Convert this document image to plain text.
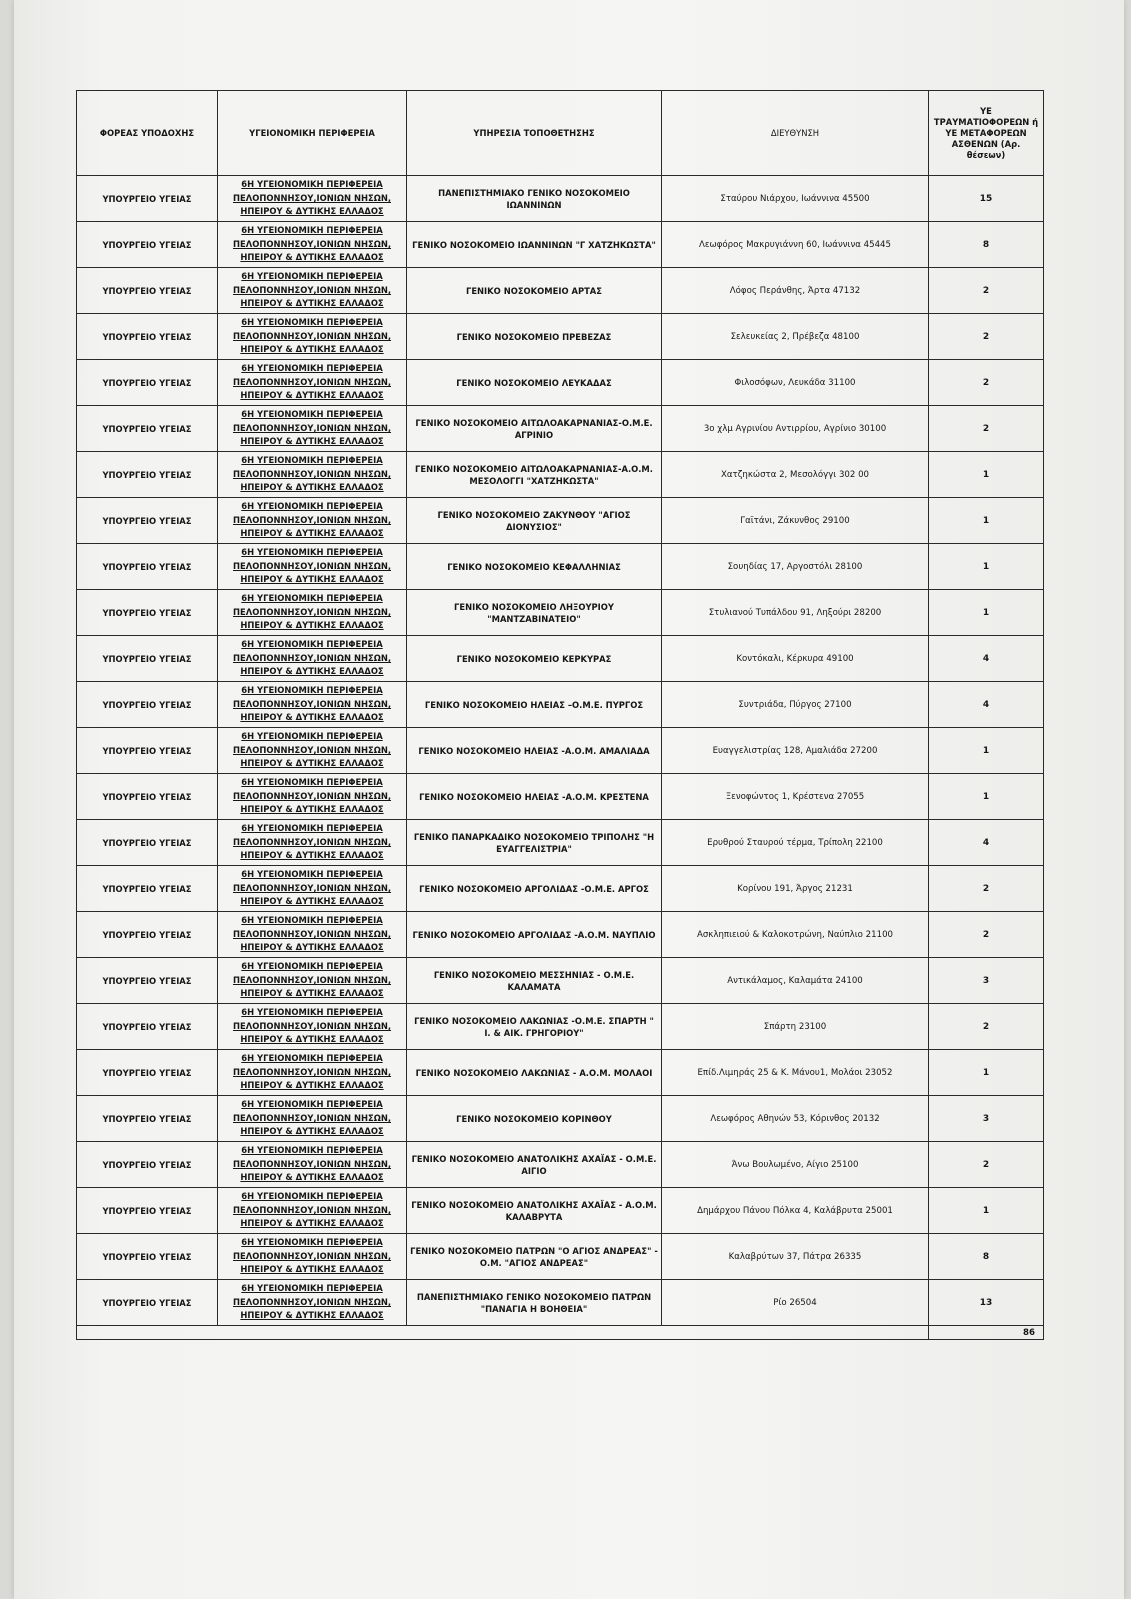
ΦΟΡΕΑΣ ΥΠΟΔΟΧΗΣ	ΥΓΕΙΟΝΟΜΙΚΗ ΠΕΡΙΦΕΡΕΙΑ	ΥΠΗΡΕΣΙΑ ΤΟΠΟΘΕΤΗΣΗΣ	ΔΙΕΥΘΥΝΣΗ	ΥΕ ΤΡΑΥΜΑΤΙΟΦΟΡΕΩΝ ή ΥΕ ΜΕΤΑΦΟΡΕΩΝ ΑΣΘΕΝΩΝ (Αρ. θέσεων)
ΥΠΟΥΡΓΕΙΟ ΥΓΕΙΑΣ	6Η ΥΓΕΙΟΝΟΜΙΚΗ ΠΕΡΙΦΕΡΕΙΑ ΠΕΛΟΠΟΝΝΗΣΟΥ,ΙΟΝΙΩΝ ΝΗΣΩΝ, ΗΠΕΙΡΟΥ & ΔΥΤΙΚΗΣ ΕΛΛΑΔΟΣ	ΠΑΝΕΠΙΣΤΗΜΙΑΚΟ ΓΕΝΙΚΟ ΝΟΣΟΚΟΜΕΙΟ ΙΩΑΝΝΙΝΩΝ	Σταύρου Νιάρχου, Ιωάννινα 45500	15
ΥΠΟΥΡΓΕΙΟ ΥΓΕΙΑΣ	6Η ΥΓΕΙΟΝΟΜΙΚΗ ΠΕΡΙΦΕΡΕΙΑ ΠΕΛΟΠΟΝΝΗΣΟΥ,ΙΟΝΙΩΝ ΝΗΣΩΝ, ΗΠΕΙΡΟΥ & ΔΥΤΙΚΗΣ ΕΛΛΑΔΟΣ	ΓΕΝΙΚΟ ΝΟΣΟΚΟΜΕΙΟ ΙΩΑΝΝΙΝΩΝ "Γ ΧΑΤΖΗΚΩΣΤΑ"	Λεωφόρος Μακρυγιάννη 60, Ιωάννινα 45445	8
ΥΠΟΥΡΓΕΙΟ ΥΓΕΙΑΣ	6Η ΥΓΕΙΟΝΟΜΙΚΗ ΠΕΡΙΦΕΡΕΙΑ ΠΕΛΟΠΟΝΝΗΣΟΥ,ΙΟΝΙΩΝ ΝΗΣΩΝ, ΗΠΕΙΡΟΥ & ΔΥΤΙΚΗΣ ΕΛΛΑΔΟΣ	ΓΕΝΙΚΟ ΝΟΣΟΚΟΜΕΙΟ ΑΡΤΑΣ	Λόφος Περάνθης, Άρτα 47132	2
ΥΠΟΥΡΓΕΙΟ ΥΓΕΙΑΣ	6Η ΥΓΕΙΟΝΟΜΙΚΗ ΠΕΡΙΦΕΡΕΙΑ ΠΕΛΟΠΟΝΝΗΣΟΥ,ΙΟΝΙΩΝ ΝΗΣΩΝ, ΗΠΕΙΡΟΥ & ΔΥΤΙΚΗΣ ΕΛΛΑΔΟΣ	ΓΕΝΙΚΟ ΝΟΣΟΚΟΜΕΙΟ ΠΡΕΒΕΖΑΣ	Σελευκείας 2, Πρέβεζα 48100	2
ΥΠΟΥΡΓΕΙΟ ΥΓΕΙΑΣ	6Η ΥΓΕΙΟΝΟΜΙΚΗ ΠΕΡΙΦΕΡΕΙΑ ΠΕΛΟΠΟΝΝΗΣΟΥ,ΙΟΝΙΩΝ ΝΗΣΩΝ, ΗΠΕΙΡΟΥ & ΔΥΤΙΚΗΣ ΕΛΛΑΔΟΣ	ΓΕΝΙΚΟ ΝΟΣΟΚΟΜΕΙΟ ΛΕΥΚΑΔΑΣ	Φιλοσόφων, Λευκάδα 31100	2
ΥΠΟΥΡΓΕΙΟ ΥΓΕΙΑΣ	6Η ΥΓΕΙΟΝΟΜΙΚΗ ΠΕΡΙΦΕΡΕΙΑ ΠΕΛΟΠΟΝΝΗΣΟΥ,ΙΟΝΙΩΝ ΝΗΣΩΝ, ΗΠΕΙΡΟΥ & ΔΥΤΙΚΗΣ ΕΛΛΑΔΟΣ	ΓΕΝΙΚΟ ΝΟΣΟΚΟΜΕΙΟ ΑΙΤΩΛΟΑΚΑΡΝΑΝΙΑΣ-Ο.Μ.Ε. ΑΓΡΙΝΙΟ	3ο χλμ Αγρινίου Αντιρρίου, Αγρίνιο 30100	2
ΥΠΟΥΡΓΕΙΟ ΥΓΕΙΑΣ	6Η ΥΓΕΙΟΝΟΜΙΚΗ ΠΕΡΙΦΕΡΕΙΑ ΠΕΛΟΠΟΝΝΗΣΟΥ,ΙΟΝΙΩΝ ΝΗΣΩΝ, ΗΠΕΙΡΟΥ & ΔΥΤΙΚΗΣ ΕΛΛΑΔΟΣ	ΓΕΝΙΚΟ ΝΟΣΟΚΟΜΕΙΟ ΑΙΤΩΛΟΑΚΑΡΝΑΝΙΑΣ-Α.Ο.Μ. ΜΕΣΟΛΟΓΓΙ "ΧΑΤΖΗΚΩΣΤΑ"	Χατζηκώστα 2, Μεσολόγγι 302 00	1
ΥΠΟΥΡΓΕΙΟ ΥΓΕΙΑΣ	6Η ΥΓΕΙΟΝΟΜΙΚΗ ΠΕΡΙΦΕΡΕΙΑ ΠΕΛΟΠΟΝΝΗΣΟΥ,ΙΟΝΙΩΝ ΝΗΣΩΝ, ΗΠΕΙΡΟΥ & ΔΥΤΙΚΗΣ ΕΛΛΑΔΟΣ	ΓΕΝΙΚΟ ΝΟΣΟΚΟΜΕΙΟ ΖΑΚΥΝΘΟΥ "ΑΓΙΟΣ ΔΙΟΝΥΣΙΟΣ"	Γαϊτάνι, Ζάκυνθος 29100	1
ΥΠΟΥΡΓΕΙΟ ΥΓΕΙΑΣ	6Η ΥΓΕΙΟΝΟΜΙΚΗ ΠΕΡΙΦΕΡΕΙΑ ΠΕΛΟΠΟΝΝΗΣΟΥ,ΙΟΝΙΩΝ ΝΗΣΩΝ, ΗΠΕΙΡΟΥ & ΔΥΤΙΚΗΣ ΕΛΛΑΔΟΣ	ΓΕΝΙΚΟ ΝΟΣΟΚΟΜΕΙΟ ΚΕΦΑΛΛΗΝΙΑΣ	Σουηδίας 17, Αργοστόλι 28100	1
ΥΠΟΥΡΓΕΙΟ ΥΓΕΙΑΣ	6Η ΥΓΕΙΟΝΟΜΙΚΗ ΠΕΡΙΦΕΡΕΙΑ ΠΕΛΟΠΟΝΝΗΣΟΥ,ΙΟΝΙΩΝ ΝΗΣΩΝ, ΗΠΕΙΡΟΥ & ΔΥΤΙΚΗΣ ΕΛΛΑΔΟΣ	ΓΕΝΙΚΟ ΝΟΣΟΚΟΜΕΙΟ ΛΗΞΟΥΡΙΟΥ "ΜΑΝΤΖΑΒΙΝΑΤΕΙΟ"	Στυλιανού Τυπάλδου 91, Ληξούρι 28200	1
ΥΠΟΥΡΓΕΙΟ ΥΓΕΙΑΣ	6Η ΥΓΕΙΟΝΟΜΙΚΗ ΠΕΡΙΦΕΡΕΙΑ ΠΕΛΟΠΟΝΝΗΣΟΥ,ΙΟΝΙΩΝ ΝΗΣΩΝ, ΗΠΕΙΡΟΥ & ΔΥΤΙΚΗΣ ΕΛΛΑΔΟΣ	ΓΕΝΙΚΟ ΝΟΣΟΚΟΜΕΙΟ ΚΕΡΚΥΡΑΣ	Κοντόκαλι, Κέρκυρα 49100	4
ΥΠΟΥΡΓΕΙΟ ΥΓΕΙΑΣ	6Η ΥΓΕΙΟΝΟΜΙΚΗ ΠΕΡΙΦΕΡΕΙΑ ΠΕΛΟΠΟΝΝΗΣΟΥ,ΙΟΝΙΩΝ ΝΗΣΩΝ, ΗΠΕΙΡΟΥ & ΔΥΤΙΚΗΣ ΕΛΛΑΔΟΣ	ΓΕΝΙΚΟ ΝΟΣΟΚΟΜΕΙΟ ΗΛΕΙΑΣ –Ο.Μ.Ε. ΠΥΡΓΟΣ	Συντριάδα, Πύργος 27100	4
ΥΠΟΥΡΓΕΙΟ ΥΓΕΙΑΣ	6Η ΥΓΕΙΟΝΟΜΙΚΗ ΠΕΡΙΦΕΡΕΙΑ ΠΕΛΟΠΟΝΝΗΣΟΥ,ΙΟΝΙΩΝ ΝΗΣΩΝ, ΗΠΕΙΡΟΥ & ΔΥΤΙΚΗΣ ΕΛΛΑΔΟΣ	ΓΕΝΙΚΟ ΝΟΣΟΚΟΜΕΙΟ ΗΛΕΙΑΣ -Α.Ο.Μ. ΑΜΑΛΙΑΔΑ	Ευαγγελιστρίας 128, Αμαλιάδα 27200	1
ΥΠΟΥΡΓΕΙΟ ΥΓΕΙΑΣ	6Η ΥΓΕΙΟΝΟΜΙΚΗ ΠΕΡΙΦΕΡΕΙΑ ΠΕΛΟΠΟΝΝΗΣΟΥ,ΙΟΝΙΩΝ ΝΗΣΩΝ, ΗΠΕΙΡΟΥ & ΔΥΤΙΚΗΣ ΕΛΛΑΔΟΣ	ΓΕΝΙΚΟ ΝΟΣΟΚΟΜΕΙΟ ΗΛΕΙΑΣ -Α.Ο.Μ. ΚΡΕΣΤΕΝΑ	Ξενοφώντος 1, Κρέστενα 27055	1
ΥΠΟΥΡΓΕΙΟ ΥΓΕΙΑΣ	6Η ΥΓΕΙΟΝΟΜΙΚΗ ΠΕΡΙΦΕΡΕΙΑ ΠΕΛΟΠΟΝΝΗΣΟΥ,ΙΟΝΙΩΝ ΝΗΣΩΝ, ΗΠΕΙΡΟΥ & ΔΥΤΙΚΗΣ ΕΛΛΑΔΟΣ	ΓΕΝΙΚΟ ΠΑΝΑΡΚΑΔΙΚΟ ΝΟΣΟΚΟΜΕΙΟ ΤΡΙΠΟΛΗΣ "Η ΕΥΑΓΓΕΛΙΣΤΡΙΑ"	Ερυθρού Σταυρού τέρμα, Τρίπολη 22100	4
ΥΠΟΥΡΓΕΙΟ ΥΓΕΙΑΣ	6Η ΥΓΕΙΟΝΟΜΙΚΗ ΠΕΡΙΦΕΡΕΙΑ ΠΕΛΟΠΟΝΝΗΣΟΥ,ΙΟΝΙΩΝ ΝΗΣΩΝ, ΗΠΕΙΡΟΥ & ΔΥΤΙΚΗΣ ΕΛΛΑΔΟΣ	ΓΕΝΙΚΟ ΝΟΣΟΚΟΜΕΙΟ ΑΡΓΟΛΙΔΑΣ -Ο.Μ.Ε. ΑΡΓΟΣ	Κορίνου 191, Άργος 21231	2
ΥΠΟΥΡΓΕΙΟ ΥΓΕΙΑΣ	6Η ΥΓΕΙΟΝΟΜΙΚΗ ΠΕΡΙΦΕΡΕΙΑ ΠΕΛΟΠΟΝΝΗΣΟΥ,ΙΟΝΙΩΝ ΝΗΣΩΝ, ΗΠΕΙΡΟΥ & ΔΥΤΙΚΗΣ ΕΛΛΑΔΟΣ	ΓΕΝΙΚΟ ΝΟΣΟΚΟΜΕΙΟ ΑΡΓΟΛΙΔΑΣ -Α.Ο.Μ. ΝΑΥΠΛΙΟ	Ασκληπιειού & Καλοκοτρώνη, Ναύπλιο 21100	2
ΥΠΟΥΡΓΕΙΟ ΥΓΕΙΑΣ	6Η ΥΓΕΙΟΝΟΜΙΚΗ ΠΕΡΙΦΕΡΕΙΑ ΠΕΛΟΠΟΝΝΗΣΟΥ,ΙΟΝΙΩΝ ΝΗΣΩΝ, ΗΠΕΙΡΟΥ & ΔΥΤΙΚΗΣ ΕΛΛΑΔΟΣ	ΓΕΝΙΚΟ ΝΟΣΟΚΟΜΕΙΟ ΜΕΣΣΗΝΙΑΣ - Ο.Μ.Ε. ΚΑΛΑΜΑΤΑ	Αντικάλαμος, Καλαμάτα 24100	3
ΥΠΟΥΡΓΕΙΟ ΥΓΕΙΑΣ	6Η ΥΓΕΙΟΝΟΜΙΚΗ ΠΕΡΙΦΕΡΕΙΑ ΠΕΛΟΠΟΝΝΗΣΟΥ,ΙΟΝΙΩΝ ΝΗΣΩΝ, ΗΠΕΙΡΟΥ & ΔΥΤΙΚΗΣ ΕΛΛΑΔΟΣ	ΓΕΝΙΚΟ ΝΟΣΟΚΟΜΕΙΟ ΛΑΚΩΝΙΑΣ -Ο.Μ.Ε. ΣΠΑΡΤΗ " Ι. & ΑΙΚ. ΓΡΗΓΟΡΙΟΥ"	Σπάρτη 23100	2
ΥΠΟΥΡΓΕΙΟ ΥΓΕΙΑΣ	6Η ΥΓΕΙΟΝΟΜΙΚΗ ΠΕΡΙΦΕΡΕΙΑ ΠΕΛΟΠΟΝΝΗΣΟΥ,ΙΟΝΙΩΝ ΝΗΣΩΝ, ΗΠΕΙΡΟΥ & ΔΥΤΙΚΗΣ ΕΛΛΑΔΟΣ	ΓΕΝΙΚΟ ΝΟΣΟΚΟΜΕΙΟ ΛΑΚΩΝΙΑΣ - Α.Ο.Μ. ΜΟΛΑΟΙ	Επίδ.Λιμηράς 25 & Κ. Μάνου1, Μολάοι 23052	1
ΥΠΟΥΡΓΕΙΟ ΥΓΕΙΑΣ	6Η ΥΓΕΙΟΝΟΜΙΚΗ ΠΕΡΙΦΕΡΕΙΑ ΠΕΛΟΠΟΝΝΗΣΟΥ,ΙΟΝΙΩΝ ΝΗΣΩΝ, ΗΠΕΙΡΟΥ & ΔΥΤΙΚΗΣ ΕΛΛΑΔΟΣ	ΓΕΝΙΚΟ ΝΟΣΟΚΟΜΕΙΟ ΚΟΡΙΝΘΟΥ	Λεωφόρος Αθηνών 53, Κόρινθος 20132	3
ΥΠΟΥΡΓΕΙΟ ΥΓΕΙΑΣ	6Η ΥΓΕΙΟΝΟΜΙΚΗ ΠΕΡΙΦΕΡΕΙΑ ΠΕΛΟΠΟΝΝΗΣΟΥ,ΙΟΝΙΩΝ ΝΗΣΩΝ, ΗΠΕΙΡΟΥ & ΔΥΤΙΚΗΣ ΕΛΛΑΔΟΣ	ΓΕΝΙΚΟ ΝΟΣΟΚΟΜΕΙΟ ΑΝΑΤΟΛΙΚΗΣ ΑΧΑΪΑΣ - Ο.Μ.Ε. ΑΙΓΙΟ	Άνω Βουλωμένο, Αίγιο 25100	2
ΥΠΟΥΡΓΕΙΟ ΥΓΕΙΑΣ	6Η ΥΓΕΙΟΝΟΜΙΚΗ ΠΕΡΙΦΕΡΕΙΑ ΠΕΛΟΠΟΝΝΗΣΟΥ,ΙΟΝΙΩΝ ΝΗΣΩΝ, ΗΠΕΙΡΟΥ & ΔΥΤΙΚΗΣ ΕΛΛΑΔΟΣ	ΓΕΝΙΚΟ ΝΟΣΟΚΟΜΕΙΟ ΑΝΑΤΟΛΙΚΗΣ ΑΧΑΪΑΣ - Α.Ο.Μ. ΚΑΛΑΒΡΥΤΑ	Δημάρχου Πάνου Πόλκα 4, Καλάβρυτα 25001	1
ΥΠΟΥΡΓΕΙΟ ΥΓΕΙΑΣ	6Η ΥΓΕΙΟΝΟΜΙΚΗ ΠΕΡΙΦΕΡΕΙΑ ΠΕΛΟΠΟΝΝΗΣΟΥ,ΙΟΝΙΩΝ ΝΗΣΩΝ, ΗΠΕΙΡΟΥ & ΔΥΤΙΚΗΣ ΕΛΛΑΔΟΣ	ΓΕΝΙΚΟ ΝΟΣΟΚΟΜΕΙΟ ΠΑΤΡΩΝ "Ο ΑΓΙΟΣ ΑΝΔΡΕΑΣ" - Ο.Μ. "ΑΓΙΟΣ ΑΝΔΡΕΑΣ"	Καλαβρύτων 37, Πάτρα 26335	8
ΥΠΟΥΡΓΕΙΟ ΥΓΕΙΑΣ	6Η ΥΓΕΙΟΝΟΜΙΚΗ ΠΕΡΙΦΕΡΕΙΑ ΠΕΛΟΠΟΝΝΗΣΟΥ,ΙΟΝΙΩΝ ΝΗΣΩΝ, ΗΠΕΙΡΟΥ & ΔΥΤΙΚΗΣ ΕΛΛΑΔΟΣ	ΠΑΝΕΠΙΣΤΗΜΙΑΚΟ ΓΕΝΙΚΟ ΝΟΣΟΚΟΜΕΙΟ ΠΑΤΡΩΝ "ΠΑΝΑΓΙΑ Η ΒΟΗΘΕΙΑ"	Ρίο 26504	13
				86
